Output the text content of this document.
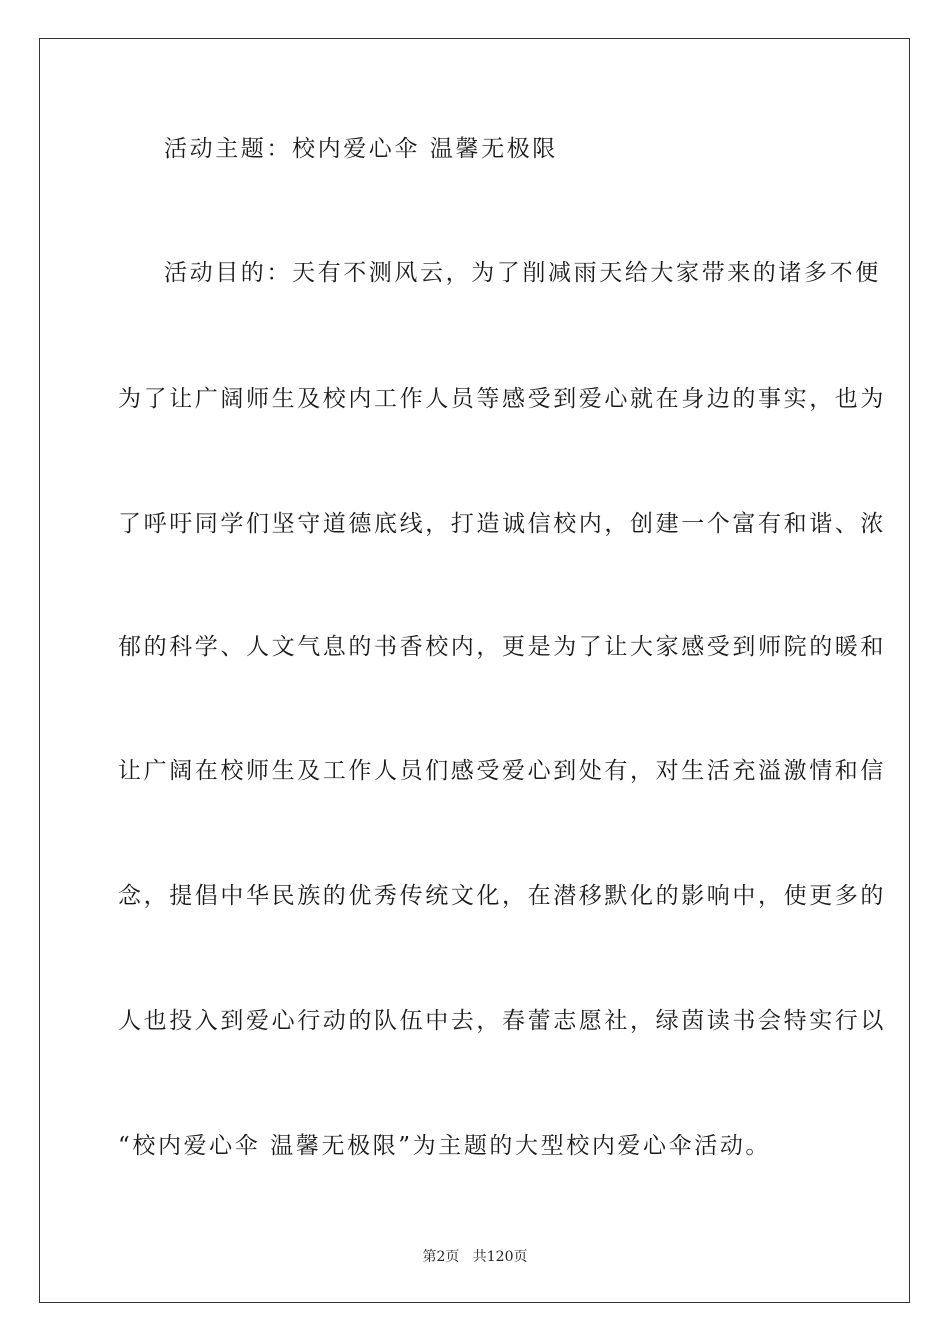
活动主题：校内爱心伞 温馨无极限
活动目的：天有不测风云，为了削减雨天给大家带来的诸多不便
为了让广阔师生及校内工作人员等感受到爱心就在身边的事实，也为
了呼吁同学们坚守道德底线，打造诚信校内，创建一个富有和谐、浓
郁的科学、人文气息的书香校内，更是为了让大家感受到师院的暖和
让广阔在校师生及工作人员们感受爱心到处有，对生活充溢激情和信
念，提倡中华民族的优秀传统文化，在潜移默化的影响中，使更多的
人也投入到爱心行动的队伍中去，春蕾志愿社，绿茵读书会特实行以
“校内爱心伞 温馨无极限”为主题的大型校内爱心伞活动。
第2页   共120页
